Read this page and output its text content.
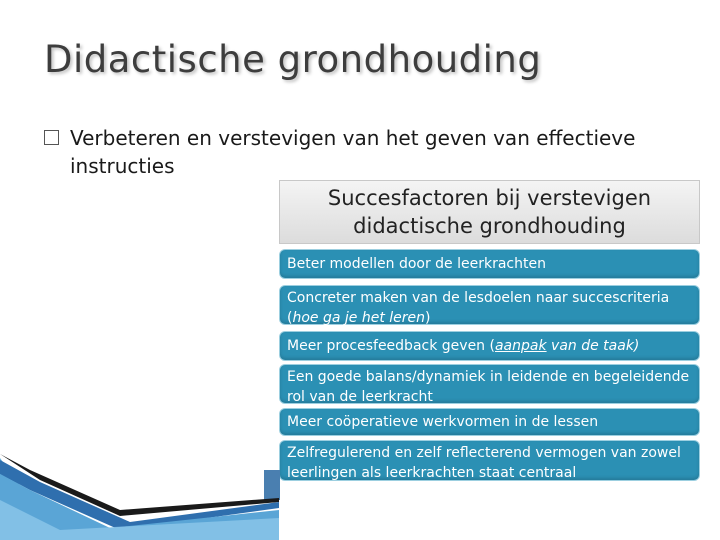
Didactische grondhouding
Verbeteren en verstevigen van het geven van effectieve instructies
Succesfactoren bij verstevigen didactische grondhouding
Beter modellen door de leerkrachten
Concreter maken van de lesdoelen naar succescriteria (hoe ga je het leren)
Meer procesfeedback geven (aanpak van de taak)
Een goede balans/dynamiek in leidende en begeleidende rol van de leerkracht
Meer coöperatieve werkvormen in de lessen
Zelfregulerend en zelf reflecterend vermogen van zowel leerlingen als leerkrachten staat centraal
